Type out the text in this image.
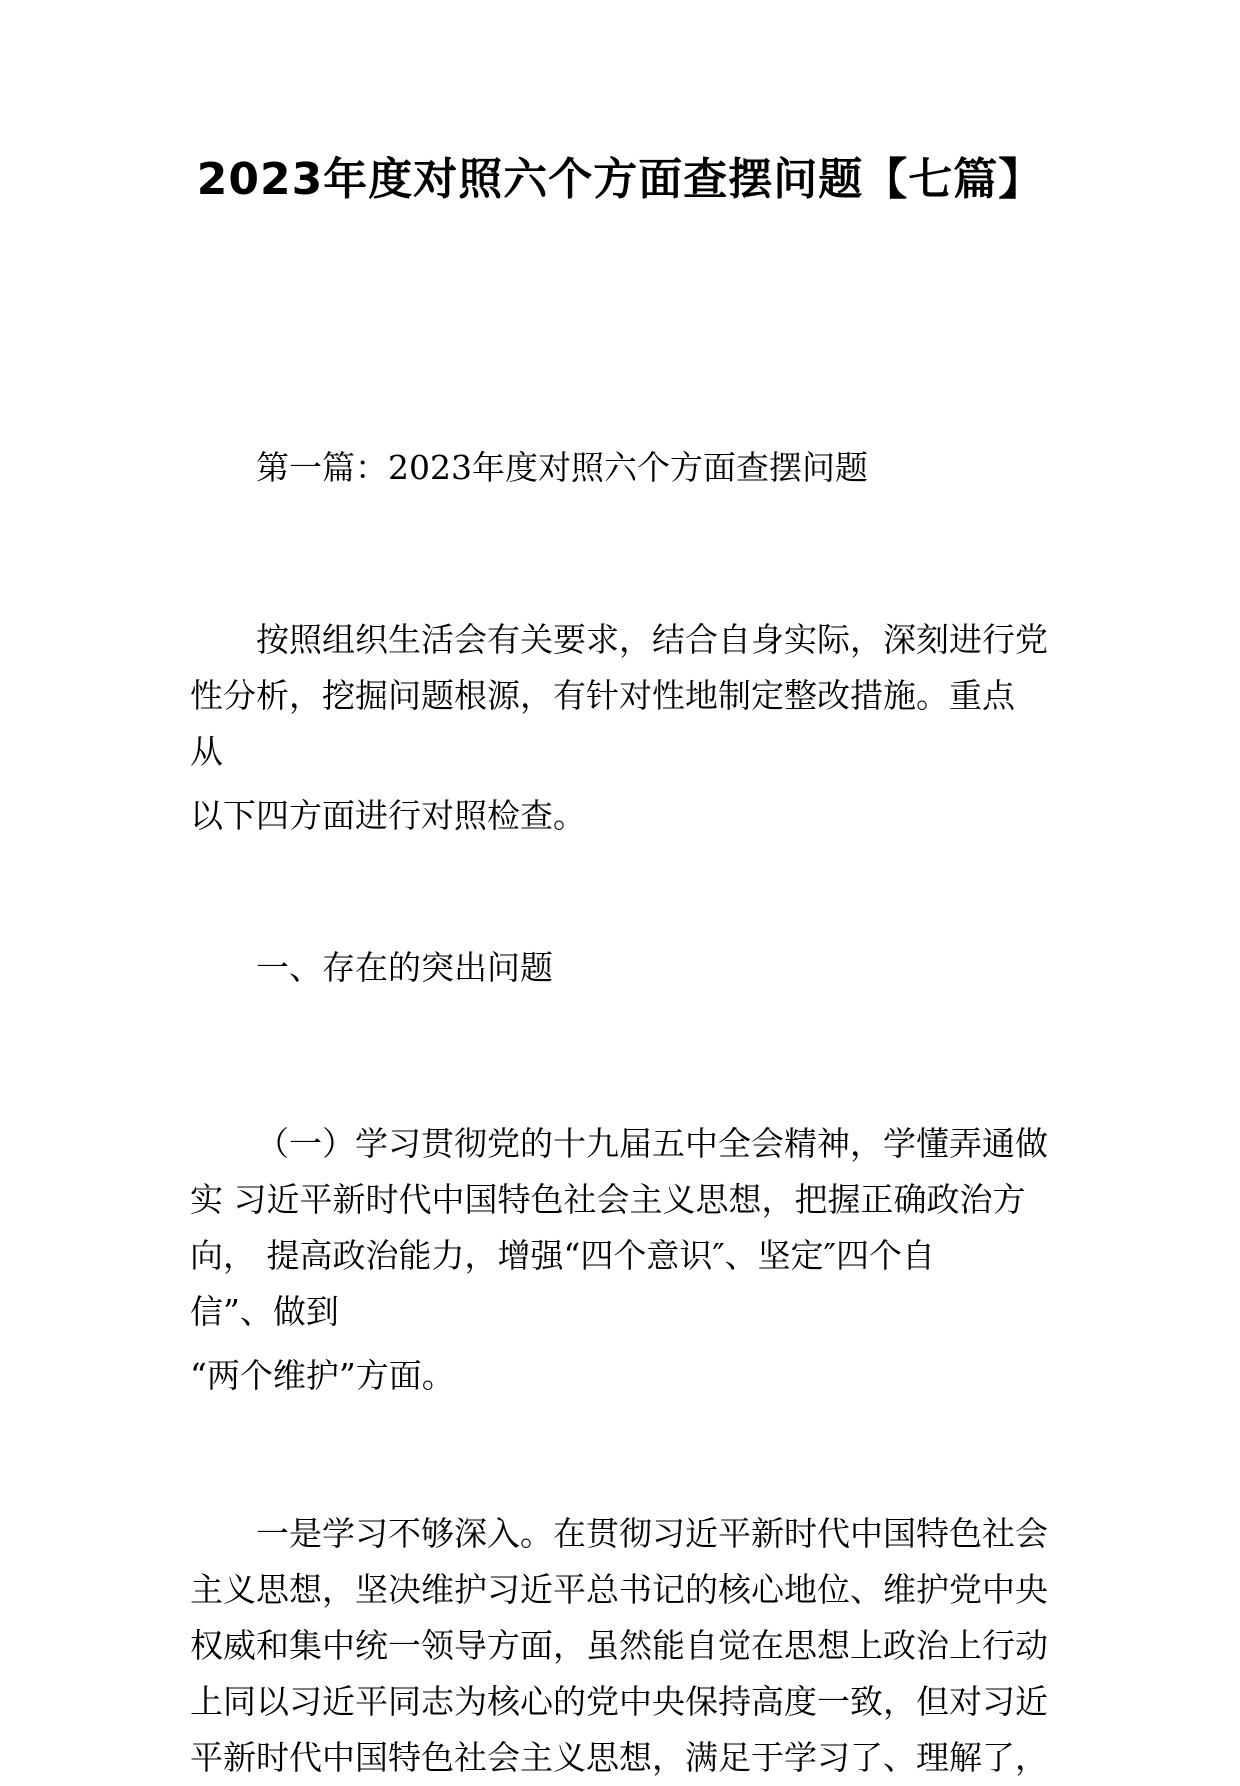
2023年度对照六个方面查摆问题【七篇】
第一篇：2023年度对照六个方面查摆问题
按照组织生活会有关要求，结合自身实际，深刻进行党
性分析，挖掘问题根源，有针对性地制定整改措施。重点
从
以下四方面进行对照检查。
一、存在的突出问题
（一）学习贯彻党的十九届五中全会精神，学懂弄通做
实 习近平新时代中国特色社会主义思想，把握正确政治方
向， 提高政治能力，增强“四个意识″、坚定″四个自
信”、做到
“两个维护”方面。
一是学习不够深入。在贯彻习近平新时代中国特色社会
主义思想，坚决维护习近平总书记的核心地位、维护党中央
权威和集中统一领导方面，虽然能自觉在思想上政治上行动
上同以习近平同志为核心的党中央保持高度一致，但对习近
平新时代中国特色社会主义思想，满足于学习了、理解了，
